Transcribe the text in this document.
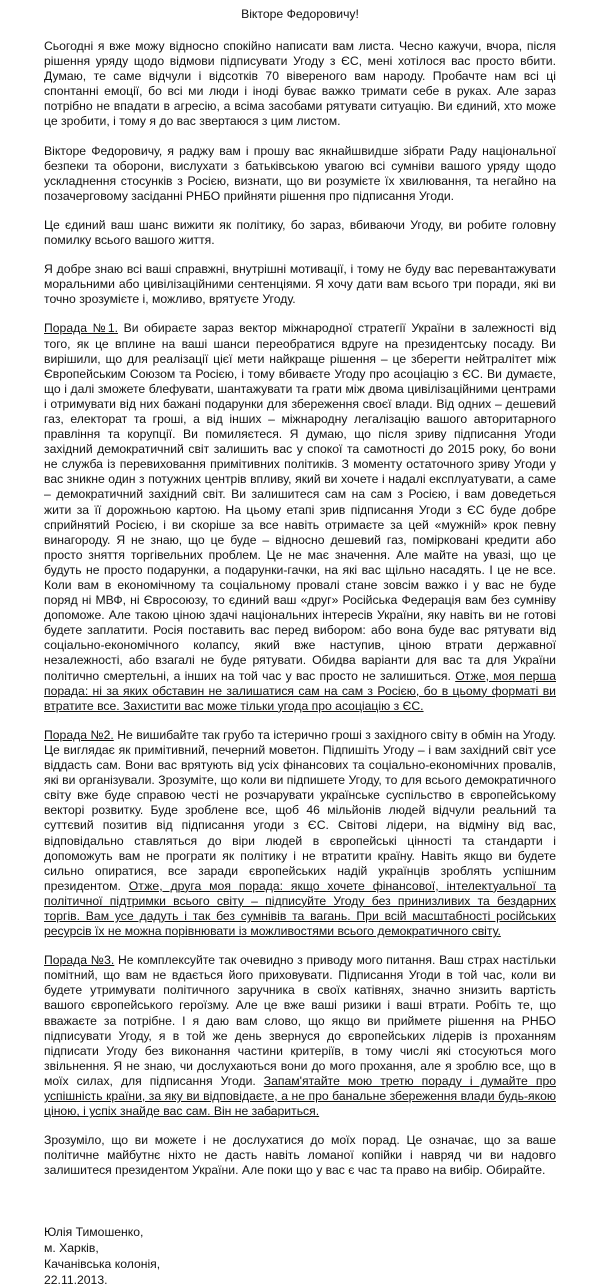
Вікторе Федоровичу!

Сьогодні я вже можу відносно спокійно написати вам листа. Чесно кажучи, вчора, після рішення уряду щодо відмови підписувати Угоду з ЄС, мені хотілося вас просто вбити. Думаю, те саме відчули і відсотків 70 вівереного вам народу. Пробачте нам всі ці спонтанні емоції, бо всі ми люди і іноді буває важко тримати себе в руках. Але зараз потрібно не впадати в агресію, а всіма засобами рятувати ситуацію. Ви єдиний, хто може це зробити, і тому я до вас звертаюся з цим листом.

Вікторе Федоровичу, я раджу вам і прошу вас якнайшвидше зібрати Раду національної безпеки та оборони, вислухати з батьківською увагою всі сумніви вашого уряду щодо ускладнення стосунків з Росією, визнати, що ви розумієте їх хвилювання, та негайно на позачерговому засіданні РНБО прийняти рішення про підписання Угоди.

Це єдиний ваш шанс вижити як політику, бо зараз, вбиваючи Угоду, ви робите головну помилку всього вашого життя.

Я добре знаю всі ваші справжні, внутрішні мотивації, і тому не буду вас перевантажувати моральними або цивілізаційними сентенціями. Я хочу дати вам всього три поради, які ви точно зрозумієте і, можливо, врятуєте Угоду.

Порада №1. Ви обираєте зараз вектор міжнародної стратегії України в залежності від того, як це вплине на ваші шанси переобратися вдруге на президентську посаду. Ви вирішили, що для реалізації цієї мети найкраще рішення – це зберегти нейтралітет між Європейським Союзом та Росією, і тому вбиваєте Угоду про асоціацію з ЄС. Ви думаєте, що і далі зможете блефувати, шантажувати та грати між двома цивілізаційними центрами і отримувати від них бажані подарунки для збереження своєї влади. Від одних – дешевий газ, електорат та гроші, а від інших – міжнародну легалізацію вашого авторитарного правління та корупції. Ви помиляєтеся. Я думаю, що після зриву підписання Угоди західний демократичний світ залишить вас у спокої та самотності до 2015 року, бо вони не служба із перевиховання примітивних політиків. З моменту остаточного зриву Угоди у вас зникне один з потужних центрів впливу, який ви хочете і надалі експлуатувати, а саме – демократичний західний світ. Ви залишитеся сам на сам з Росією, і вам доведеться жити за її дорожньою картою. На цьому етапі зрив підписання Угоди з ЄС буде добре сприйнятий Росією, і ви скоріше за все навіть отримаєте за цей «мужній» крок певну винагороду. Я не знаю, що це буде – відносно дешевий газ, помірковані кредити або просто зняття торгівельних проблем. Це не має значення. Але майте на увазі, що це будуть не просто подарунки, а подарунки-гачки, на які вас щільно насадять. І це не все. Коли вам в економічному та соціальному провалі стане зовсім важко і у вас не буде поряд ні МВФ, ні Євросоюзу, то єдиний ваш «друг» Російська Федерація вам без сумніву допоможе. Але такою ціною здачі національних інтересів України, яку навіть ви не готові будете заплатити. Росія поставить вас перед вибором: або вона буде вас рятувати від соціально-економічного колапсу, який вже наступив, ціною втрати державної незалежності, або взагалі не буде рятувати. Обидва варіанти для вас та для України політично смертельні, а інших на той час у вас просто не залишиться. Отже, моя перша порада: ні за яких обставин не залишатися сам на сам з Росією, бо в цьому форматі ви втратите все. Захистити вас може тільки угода про асоціацію з ЄС.

Порада №2. Не вишибайте так грубо та істерично гроші з західного світу в обмін на Угоду. Це виглядає як примітивний, печерний моветон. Підпишіть Угоду – і вам західний світ усе віддасть сам. Вони вас врятують від усіх фінансових та соціально-економічних провалів, які ви організували. Зрозуміте, що коли ви підпишете Угоду, то для всього демократичного світу вже буде справою честі не розчарувати українське суспільство в європейському векторі розвитку. Буде зроблене все, щоб 46 мільйонів людей відчули реальний та суттєвий позитив від підписання угоди з ЄС. Світові лідери, на відміну від вас, відповідально ставляться до віри людей в європейські цінності та стандарти і допоможуть вам не програти як політику і не втратити країну. Навіть якщо ви будете сильно опиратися, все заради європейських надій українців зроблять успішним президентом. Отже, друга моя порада: якщо хочете фінансової, інтелектуальної та політичної підтримки всього світу – підписуйте Угоду без принизливих та бездарних торгів. Вам усе дадуть і так без сумнівів та вагань. При всій масштабності російських ресурсів їх не можна порівнювати із можливостями всього демократичного світу.

Порада №3. Не комплексуйте так очевидно з приводу мого питання. Ваш страх настільки помітний, що вам не вдається його приховувати. Підписання Угоди в той час, коли ви будете утримувати політичного заручника в своїх катівнях, значно знизить вартість вашого європейського героїзму. Але це вже ваші ризики і ваші втрати. Робіть те, що вважаєте за потрібне. І я даю вам слово, що якщо ви приймете рішення на РНБО підписувати Угоду, я в той же день звернуся до європейських лідерів із проханням підписати Угоду без виконання частини критеріїв, в тому числі які стосуються мого звільнення. Я не знаю, чи дослухаються вони до мого прохання, але я зроблю все, що в моїх силах, для підписання Угоди. Запам'ятайте мою третю пораду і думайте про успішність країни, за яку ви відповідаєте, а не про банальне збереження влади будь-якою ціною, і успіх знайде вас сам. Він не забариться.

Зрозуміло, що ви можете і не дослухатися до моїх порад. Це означає, що за ваше політичне майбутнє ніхто не дасть навіть ломаної копійки і навряд чи ви надовго залишитеся президентом України. Але поки що у вас є час та право на вибір. Обирайте.

Юлія Тимошенко,
м. Харків,
Качанівська колонія,
22.11.2013.
